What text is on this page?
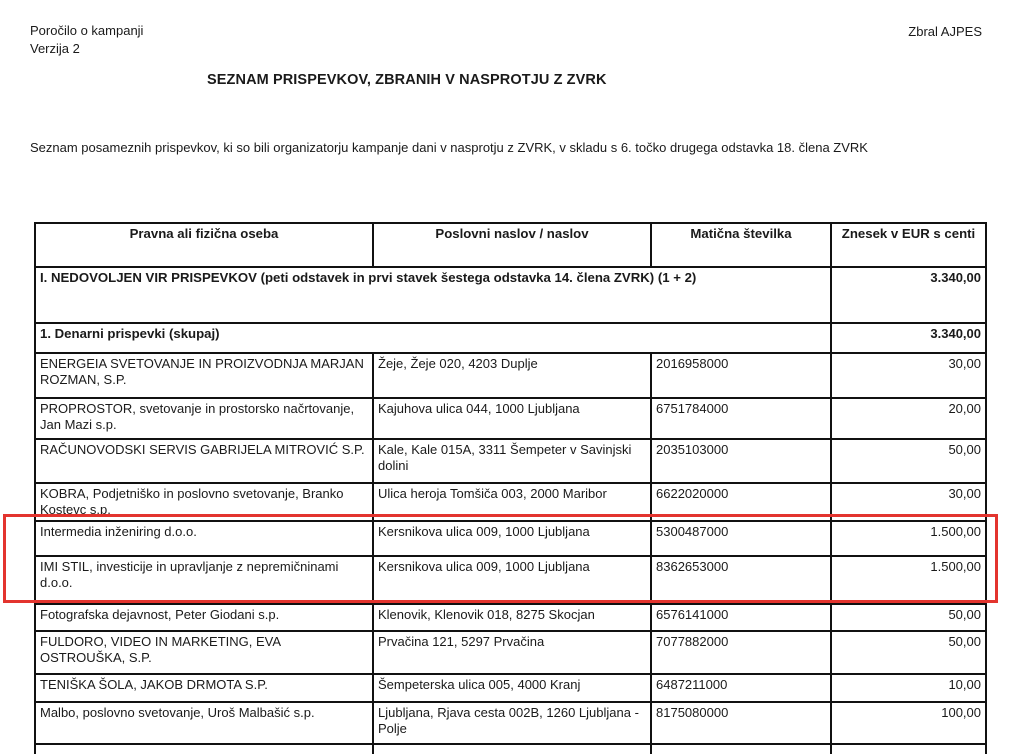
Poročilo o kampanji
Verzija 2
Zbral AJPES
SEZNAM PRISPEVKOV, ZBRANIH V NASPROTJU Z ZVRK
Seznam posameznih prispevkov, ki so bili organizatorju kampanje dani v nasprotju z ZVRK, v skladu s 6. točko drugega odstavka 18. člena ZVRK
Pravna ali fizična oseba	Poslovni naslov / naslov	Matična številka	Znesek v EUR s centi
I. NEDOVOLJEN VIR PRISPEVKOV (peti odstavek in prvi stavek šestega odstavka 14. člena ZVRK) (1 + 2)			3.340,00
1. Denarni prispevki (skupaj)			3.340,00
ENERGEIA SVETOVANJE IN PROIZVODNJA MARJAN ROZMAN, S.P.	Žeje, Žeje 020, 4203 Duplje	2016958000	30,00
PROPROSTOR, svetovanje in prostorsko načrtovanje, Jan Mazi s.p.	Kajuhova ulica 044, 1000 Ljubljana	6751784000	20,00
RAČUNOVODSKI SERVIS GABRIJELA MITROVIĆ S.P.	Kale, Kale 015A, 3311 Šempeter v Savinjski dolini	2035103000	50,00
KOBRA, Podjetniško in poslovno svetovanje, Branko Kostevc s.p.	Ulica heroja Tomšiča 003, 2000 Maribor	6622020000	30,00
Intermedia inženiring d.o.o.	Kersnikova ulica 009, 1000 Ljubljana	5300487000	1.500,00
IMI STIL, investicije in upravljanje z nepremičninami d.o.o.	Kersnikova ulica 009, 1000 Ljubljana	8362653000	1.500,00
Fotografska dejavnost, Peter Giodani s.p.	Klenovik, Klenovik 018, 8275 Skocjan	6576141000	50,00
FULDORO, VIDEO IN MARKETING, EVA OSTROUŠKA, S.P.	Prvačina 121, 5297 Prvačina	7077882000	50,00
TENIŠKA ŠOLA, JAKOB DRMOTA S.P.	Šempeterska ulica 005, 4000 Kranj	6487211000	10,00
Malbo, poslovno svetovanje, Uroš Malbašić s.p.	Ljubljana, Rjava cesta 002B, 1260 Ljubljana - Polje	8175080000	100,00
